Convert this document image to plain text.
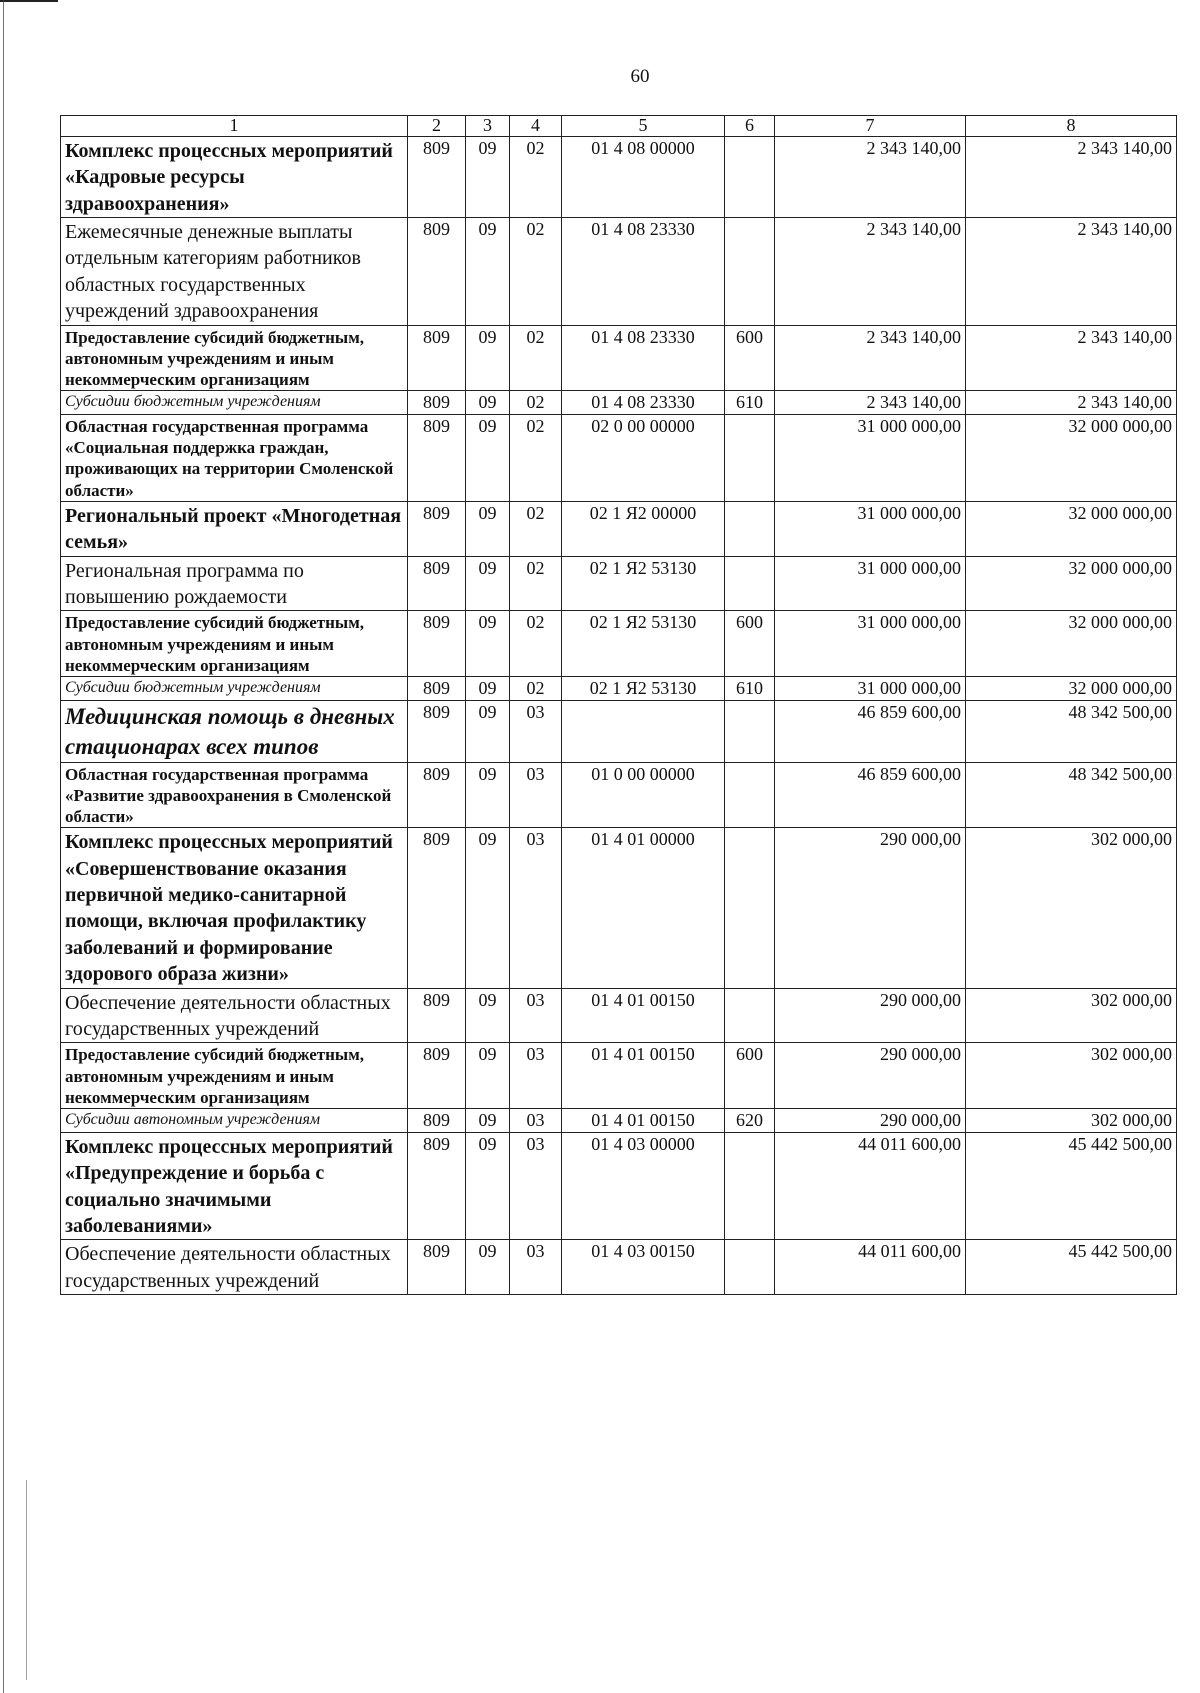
60
1	2	3	4	5	6	7	8
Комплекс процессных мероприятий «Кадровые ресурсы здравоохранения»	809	09	02	01 4 08 00000		2 343 140,00	2 343 140,00
Ежемесячные денежные выплаты отдельным категориям работников областных государственных учреждений здравоохранения	809	09	02	01 4 08 23330		2 343 140,00	2 343 140,00
Предоставление субсидий бюджетным, автономным учреждениям и иным некоммерческим организациям	809	09	02	01 4 08 23330	600	2 343 140,00	2 343 140,00
Субсидии бюджетным учреждениям	809	09	02	01 4 08 23330	610	2 343 140,00	2 343 140,00
Областная государственная программа «Социальная поддержка граждан, проживающих на территории Смоленской области»	809	09	02	02 0 00 00000		31 000 000,00	32 000 000,00
Региональный проект «Многодетная семья»	809	09	02	02 1 Я2 00000		31 000 000,00	32 000 000,00
Региональная программа по повышению рождаемости	809	09	02	02 1 Я2 53130		31 000 000,00	32 000 000,00
Предоставление субсидий бюджетным, автономным учреждениям и иным некоммерческим организациям	809	09	02	02 1 Я2 53130	600	31 000 000,00	32 000 000,00
Субсидии бюджетным учреждениям	809	09	02	02 1 Я2 53130	610	31 000 000,00	32 000 000,00
Медицинская помощь в дневных стационарах всех типов	809	09	03			46 859 600,00	48 342 500,00
Областная государственная программа «Развитие здравоохранения в Смоленской области»	809	09	03	01 0 00 00000		46 859 600,00	48 342 500,00
Комплекс процессных мероприятий «Совершенствование оказания первичной медико-санитарной помощи, включая профилактику заболеваний и формирование здорового образа жизни»	809	09	03	01 4 01 00000		290 000,00	302 000,00
Обеспечение деятельности областных государственных учреждений	809	09	03	01 4 01 00150		290 000,00	302 000,00
Предоставление субсидий бюджетным, автономным учреждениям и иным некоммерческим организациям	809	09	03	01 4 01 00150	600	290 000,00	302 000,00
Субсидии автономным учреждениям	809	09	03	01 4 01 00150	620	290 000,00	302 000,00
Комплекс процессных мероприятий «Предупреждение и борьба с социально значимыми заболеваниями»	809	09	03	01 4 03 00000		44 011 600,00	45 442 500,00
Обеспечение деятельности областных государственных учреждений	809	09	03	01 4 03 00150		44 011 600,00	45 442 500,00
